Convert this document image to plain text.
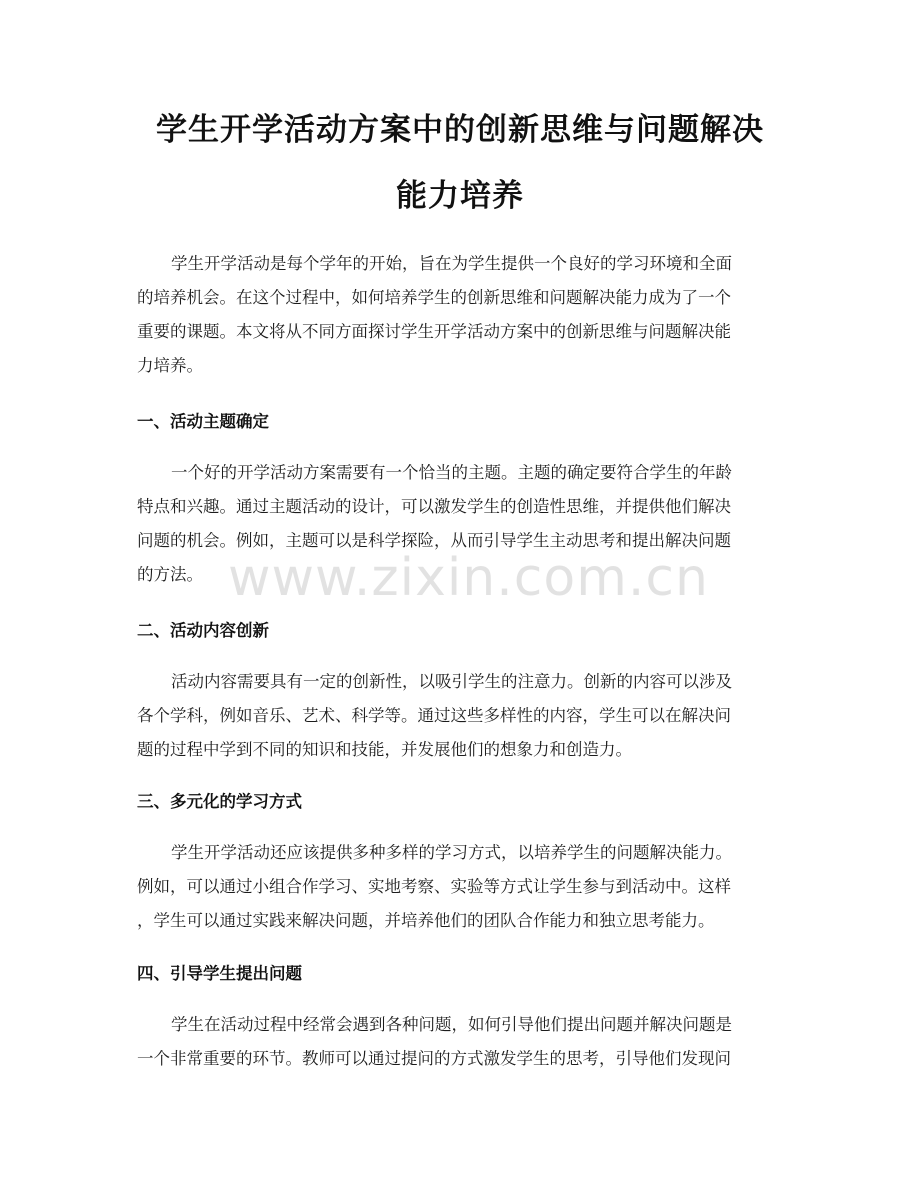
学生开学活动方案中的创新思维与问题解决
能力培养

学生开学活动是每个学年的开始，旨在为学生提供一个良好的学习环境和全面
的培养机会。在这个过程中，如何培养学生的创新思维和问题解决能力成为了一个
重要的课题。本文将从不同方面探讨学生开学活动方案中的创新思维与问题解决能
力培养。

一、活动主题确定

一个好的开学活动方案需要有一个恰当的主题。主题的确定要符合学生的年龄
特点和兴趣。通过主题活动的设计，可以激发学生的创造性思维，并提供他们解决
问题的机会。例如，主题可以是科学探险，从而引导学生主动思考和提出解决问题
的方法。

二、活动内容创新

活动内容需要具有一定的创新性，以吸引学生的注意力。创新的内容可以涉及
各个学科，例如音乐、艺术、科学等。通过这些多样性的内容，学生可以在解决问
题的过程中学到不同的知识和技能，并发展他们的想象力和创造力。

三、多元化的学习方式

学生开学活动还应该提供多种多样的学习方式，以培养学生的问题解决能力。
例如，可以通过小组合作学习、实地考察、实验等方式让学生参与到活动中。这样
，学生可以通过实践来解决问题，并培养他们的团队合作能力和独立思考能力。

四、引导学生提出问题

学生在活动过程中经常会遇到各种问题，如何引导他们提出问题并解决问题是
一个非常重要的环节。教师可以通过提问的方式激发学生的思考，引导他们发现问

www.zixin.com.cn
